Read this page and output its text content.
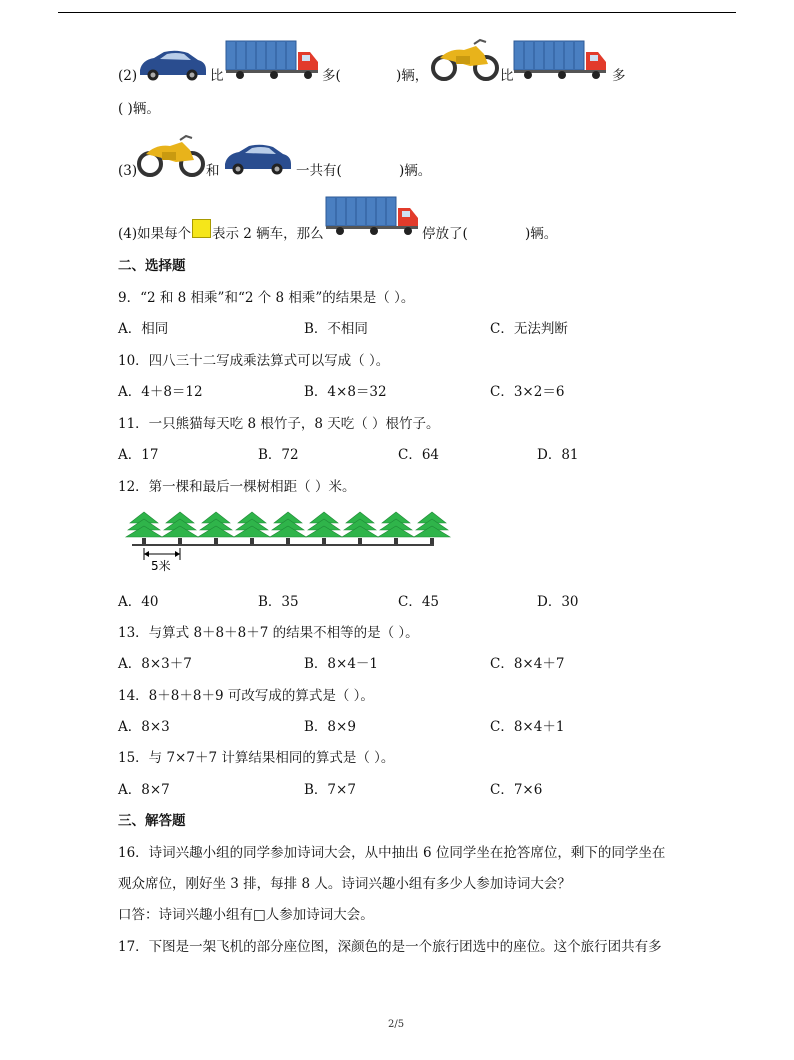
(2)	比	多(	)辆，	比	多
( )辆。
(3)	和	一共有(	)辆。
(4)如果每个 表示 2 辆车，那么	停放了(	)辆。
二、选择题
9．“2 和 8 相乘”和“2 个 8 相乘”的结果是（ ）。
A．相同	B．不相同	C．无法判断
10．四八三十二写成乘法算式可以写成（ ）。
A．4＋8＝12	B．4×8＝32	C．3×2＝6
11．一只熊猫每天吃 8 根竹子，8 天吃（ ）根竹子。
A．17	B．72	C．64	D．81
12．第一棵和最后一棵树相距（ ）米。
5米
A．40	B．35	C．45	D．30
13．与算式 8＋8＋8＋7 的结果不相等的是（ ）。
A．8×3＋7	B．8×4－1	C．8×4＋7
14．8＋8＋8＋9 可改写成的算式是（ ）。
A．8×3	B．8×9	C．8×4＋1
15．与 7×7＋7 计算结果相同的算式是（ ）。
A．8×7	B．7×7	C．7×6
三、解答题
16．诗词兴趣小组的同学参加诗词大会，从中抽出 6 位同学坐在抢答席位，剩下的同学坐在
观众席位，刚好坐 3 排，每排 8 人。诗词兴趣小组有多少人参加诗词大会？
口答：诗词兴趣小组有□人参加诗词大会。
17．下图是一架飞机的部分座位图，深颜色的是一个旅行团选中的座位。这个旅行团共有多
2/5
